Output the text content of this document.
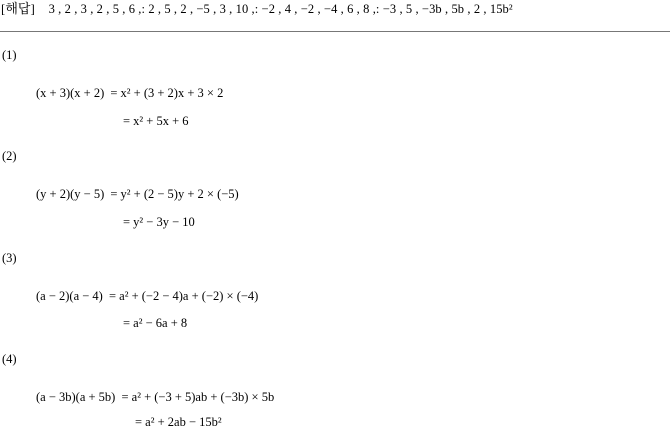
[해답] 3 , 2 , 3 , 2 , 5 , 6 ,: 2 , 5 , 2 , −5 , 3 , 10 ,: −2 , 4 , −2 , −4 , 6 , 8 ,: −3 , 5 , −3b , 5b , 2 , 15b²
(1)
(x + 3)(x + 2) = x² + (3 + 2)x + 3 × 2
= x² + 5x + 6
(2)
(y + 2)(y − 5) = y² + (2 − 5)y + 2 × (−5)
= y² − 3y − 10
(3)
(a − 2)(a − 4) = a² + (−2 − 4)a + (−2) × (−4)
= a² − 6a + 8
(4)
(a − 3b)(a + 5b) = a² + (−3 + 5)ab + (−3b) × 5b
= a² + 2ab − 15b²
